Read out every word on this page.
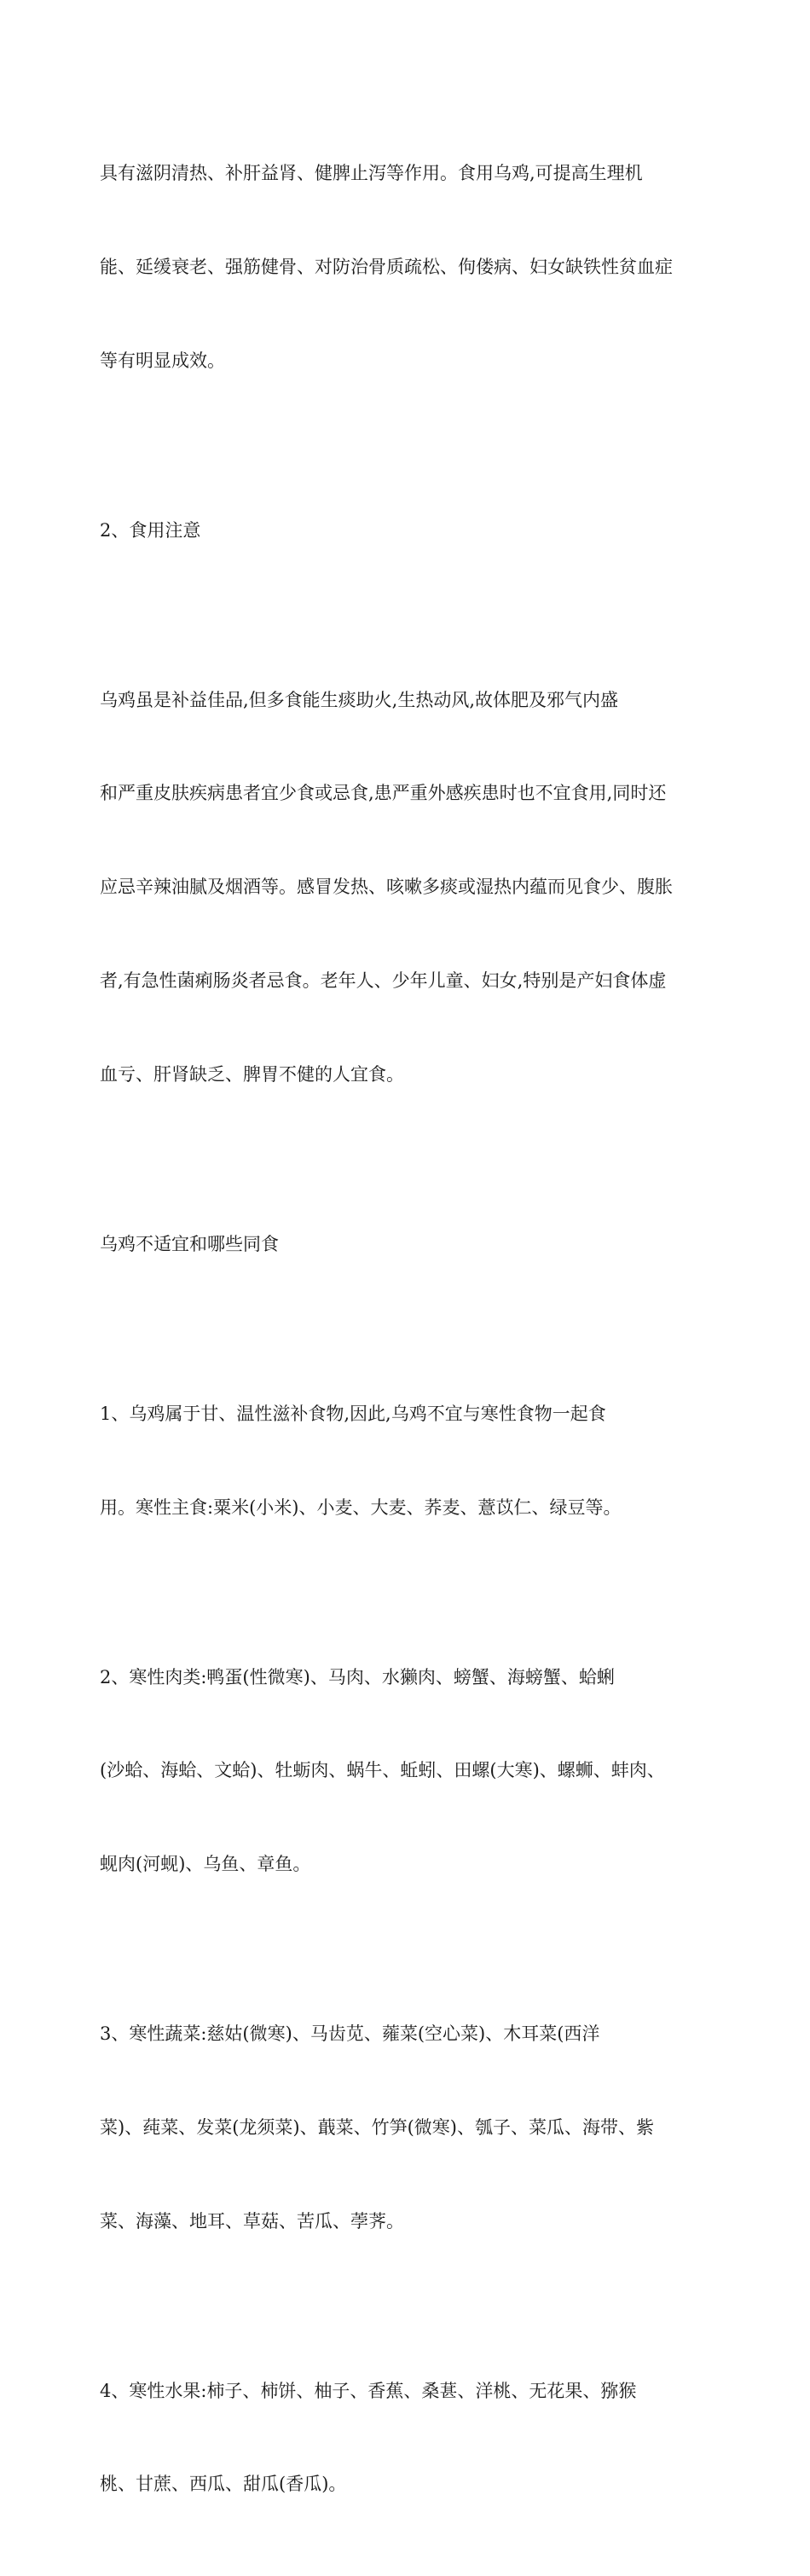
具有滋阴清热、补肝益肾、健脾止泻等作用。食用乌鸡,可提高生理机

能、延缓衰老、强筋健骨、对防治骨质疏松、佝偻病、妇女缺铁性贫血症

等有明显成效。

2、食用注意

乌鸡虽是补益佳品,但多食能生痰助火,生热动风,故体肥及邪气内盛

和严重皮肤疾病患者宜少食或忌食,患严重外感疾患时也不宜食用,同时还

应忌辛辣油腻及烟酒等。感冒发热、咳嗽多痰或湿热内蕴而见食少、腹胀

者,有急性菌痢肠炎者忌食。老年人、少年儿童、妇女,特别是产妇食体虚

血亏、肝肾缺乏、脾胃不健的人宜食。

乌鸡不适宜和哪些同食

1、乌鸡属于甘、温性滋补食物,因此,乌鸡不宜与寒性食物一起食

用。寒性主食:粟米(小米)、小麦、大麦、荞麦、薏苡仁、绿豆等。

2、寒性肉类:鸭蛋(性微寒)、马肉、水獭肉、螃蟹、海螃蟹、蛤蜊

(沙蛤、海蛤、文蛤)、牡蛎肉、蜗牛、蚯蚓、田螺(大寒)、螺蛳、蚌肉、

蚬肉(河蚬)、乌鱼、章鱼。

3、寒性蔬菜:慈姑(微寒)、马齿苋、蕹菜(空心菜)、木耳菜(西洋

菜)、莼菜、发菜(龙须菜)、蕺菜、竹笋(微寒)、瓠子、菜瓜、海带、紫

菜、海藻、地耳、草菇、苦瓜、荸荠。

4、寒性水果:柿子、柿饼、柚子、香蕉、桑葚、洋桃、无花果、猕猴

桃、甘蔗、西瓜、甜瓜(香瓜)。
